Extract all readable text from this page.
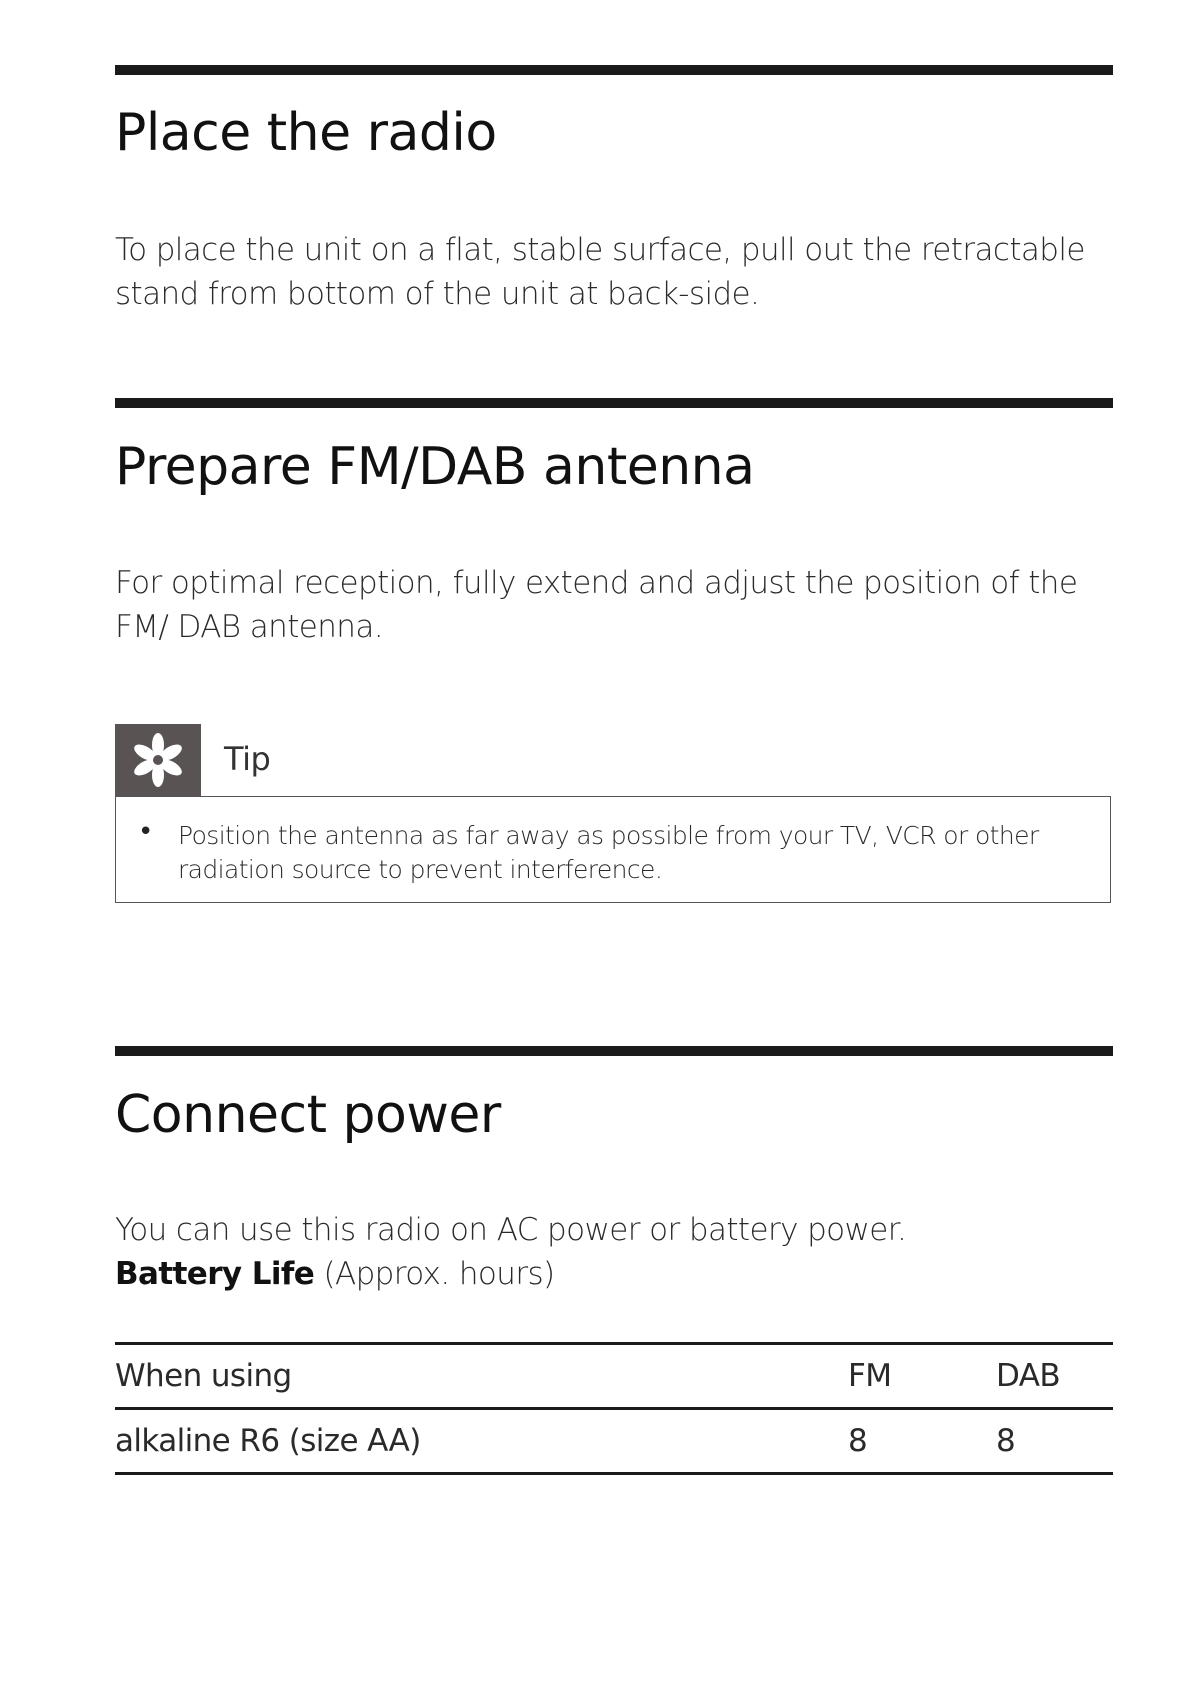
Place the radio

To place the unit on a flat, stable surface, pull out the retractable stand from bottom of the unit at back-side.

Prepare FM/DAB antenna

For optimal reception, fully extend and adjust the position of the FM/ DAB antenna.

Tip
• Position the antenna as far away as possible from your TV, VCR or other radiation source to prevent interference.

Connect power
You can use this radio on AC power or battery power.
Battery Life (Approx. hours)
When using	FM	DAB
alkaline R6 (size AA)	8	8
